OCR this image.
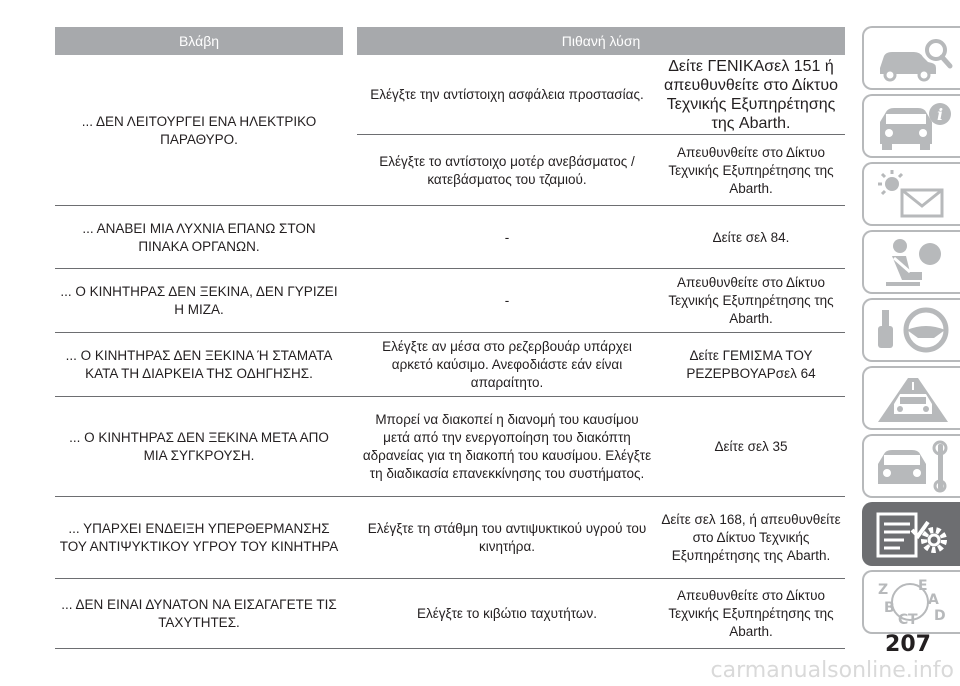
Βλάβη	Πιθανή λύση
... ΔΕΝ ΛΕΙΤΟΥΡΓΕΙ ΕΝΑ ΗΛΕΚΤΡΙΚΟ ΠΑΡΑΘΥΡΟ.
Ελέγξτε την αντίστοιχη ασφάλεια προστασίας.
Δείτε ΓΕΝΙΚΑσελ 151 ή απευθυνθείτε στο Δίκτυο Τεχνικής Εξυπηρέτησης της Abarth.
Ελέγξτε το αντίστοιχο μοτέρ ανεβάσματος / κατεβάσματος του τζαμιού.
Απευθυνθείτε στο Δίκτυο Τεχνικής Εξυπηρέτησης της Abarth.
... ΑΝΑΒΕΙ ΜΙΑ ΛΥΧΝΙΑ ΕΠΑΝΩ ΣΤΟΝ ΠΙΝΑΚΑ ΟΡΓΑΝΩΝ.
-	Δείτε σελ 84.
... Ο ΚΙΝΗΤΗΡΑΣ ΔΕΝ ΞΕΚΙΝΑ, ΔΕΝ ΓΥΡΙΖΕΙ Η ΜΙΖΑ.
-
Απευθυνθείτε στο Δίκτυο Τεχνικής Εξυπηρέτησης της Abarth.
... Ο ΚΙΝΗΤΗΡΑΣ ΔΕΝ ΞΕΚΙΝΑ Ή ΣΤΑΜΑΤΑ ΚΑΤΑ ΤΗ ΔΙΑΡΚΕΙΑ ΤΗΣ ΟΔΗΓΗΣΗΣ.
Ελέγξτε αν μέσα στο ρεζερβουάρ υπάρχει αρκετό καύσιμο. Ανεφοδιάστε εάν είναι απαραίτητο.
Δείτε ΓΕΜΙΣΜΑ ΤΟΥ ΡΕΖΕΡΒΟΥΑΡσελ 64
... Ο ΚΙΝΗΤΗΡΑΣ ΔΕΝ ΞΕΚΙΝΑ ΜΕΤΑ ΑΠΟ ΜΙΑ ΣΥΓΚΡΟΥΣΗ.
Μπορεί να διακοπεί η διανομή του καυσίμου μετά από την ενεργοποίηση του διακόπτη αδρανείας για τη διακοπή του καυσίμου. Ελέγξτε τη διαδικασία επανεκκίνησης του συστήματος.
Δείτε σελ 35
... ΥΠΑΡΧΕΙ ΕΝΔΕΙΞΗ ΥΠΕΡΘΕΡΜΑΝΣΗΣ ΤΟΥ ΑΝΤΙΨΥΚΤΙΚΟΥ ΥΓΡΟΥ ΤΟΥ ΚΙΝΗΤΗΡΑ
Ελέγξτε τη στάθμη του αντιψυκτικού υγρού του κινητήρα.
Δείτε σελ 168, ή απευθυνθείτε στο Δίκτυο Τεχνικής Εξυπηρέτησης της Abarth.
... ΔΕΝ ΕΙΝΑΙ ΔΥΝΑΤΟΝ ΝΑ ΕΙΣΑΓΑΓΕΤΕ ΤΙΣ ΤΑΧΥΤΗΤΕΣ.
Ελέγξτε το κιβώτιο ταχυτήτων.
Απευθυνθείτε στο Δίκτυο Τεχνικής Εξυπηρέτησης της Abarth.
i
Z E
A
B
C T D
207
carmanualsonline.info
